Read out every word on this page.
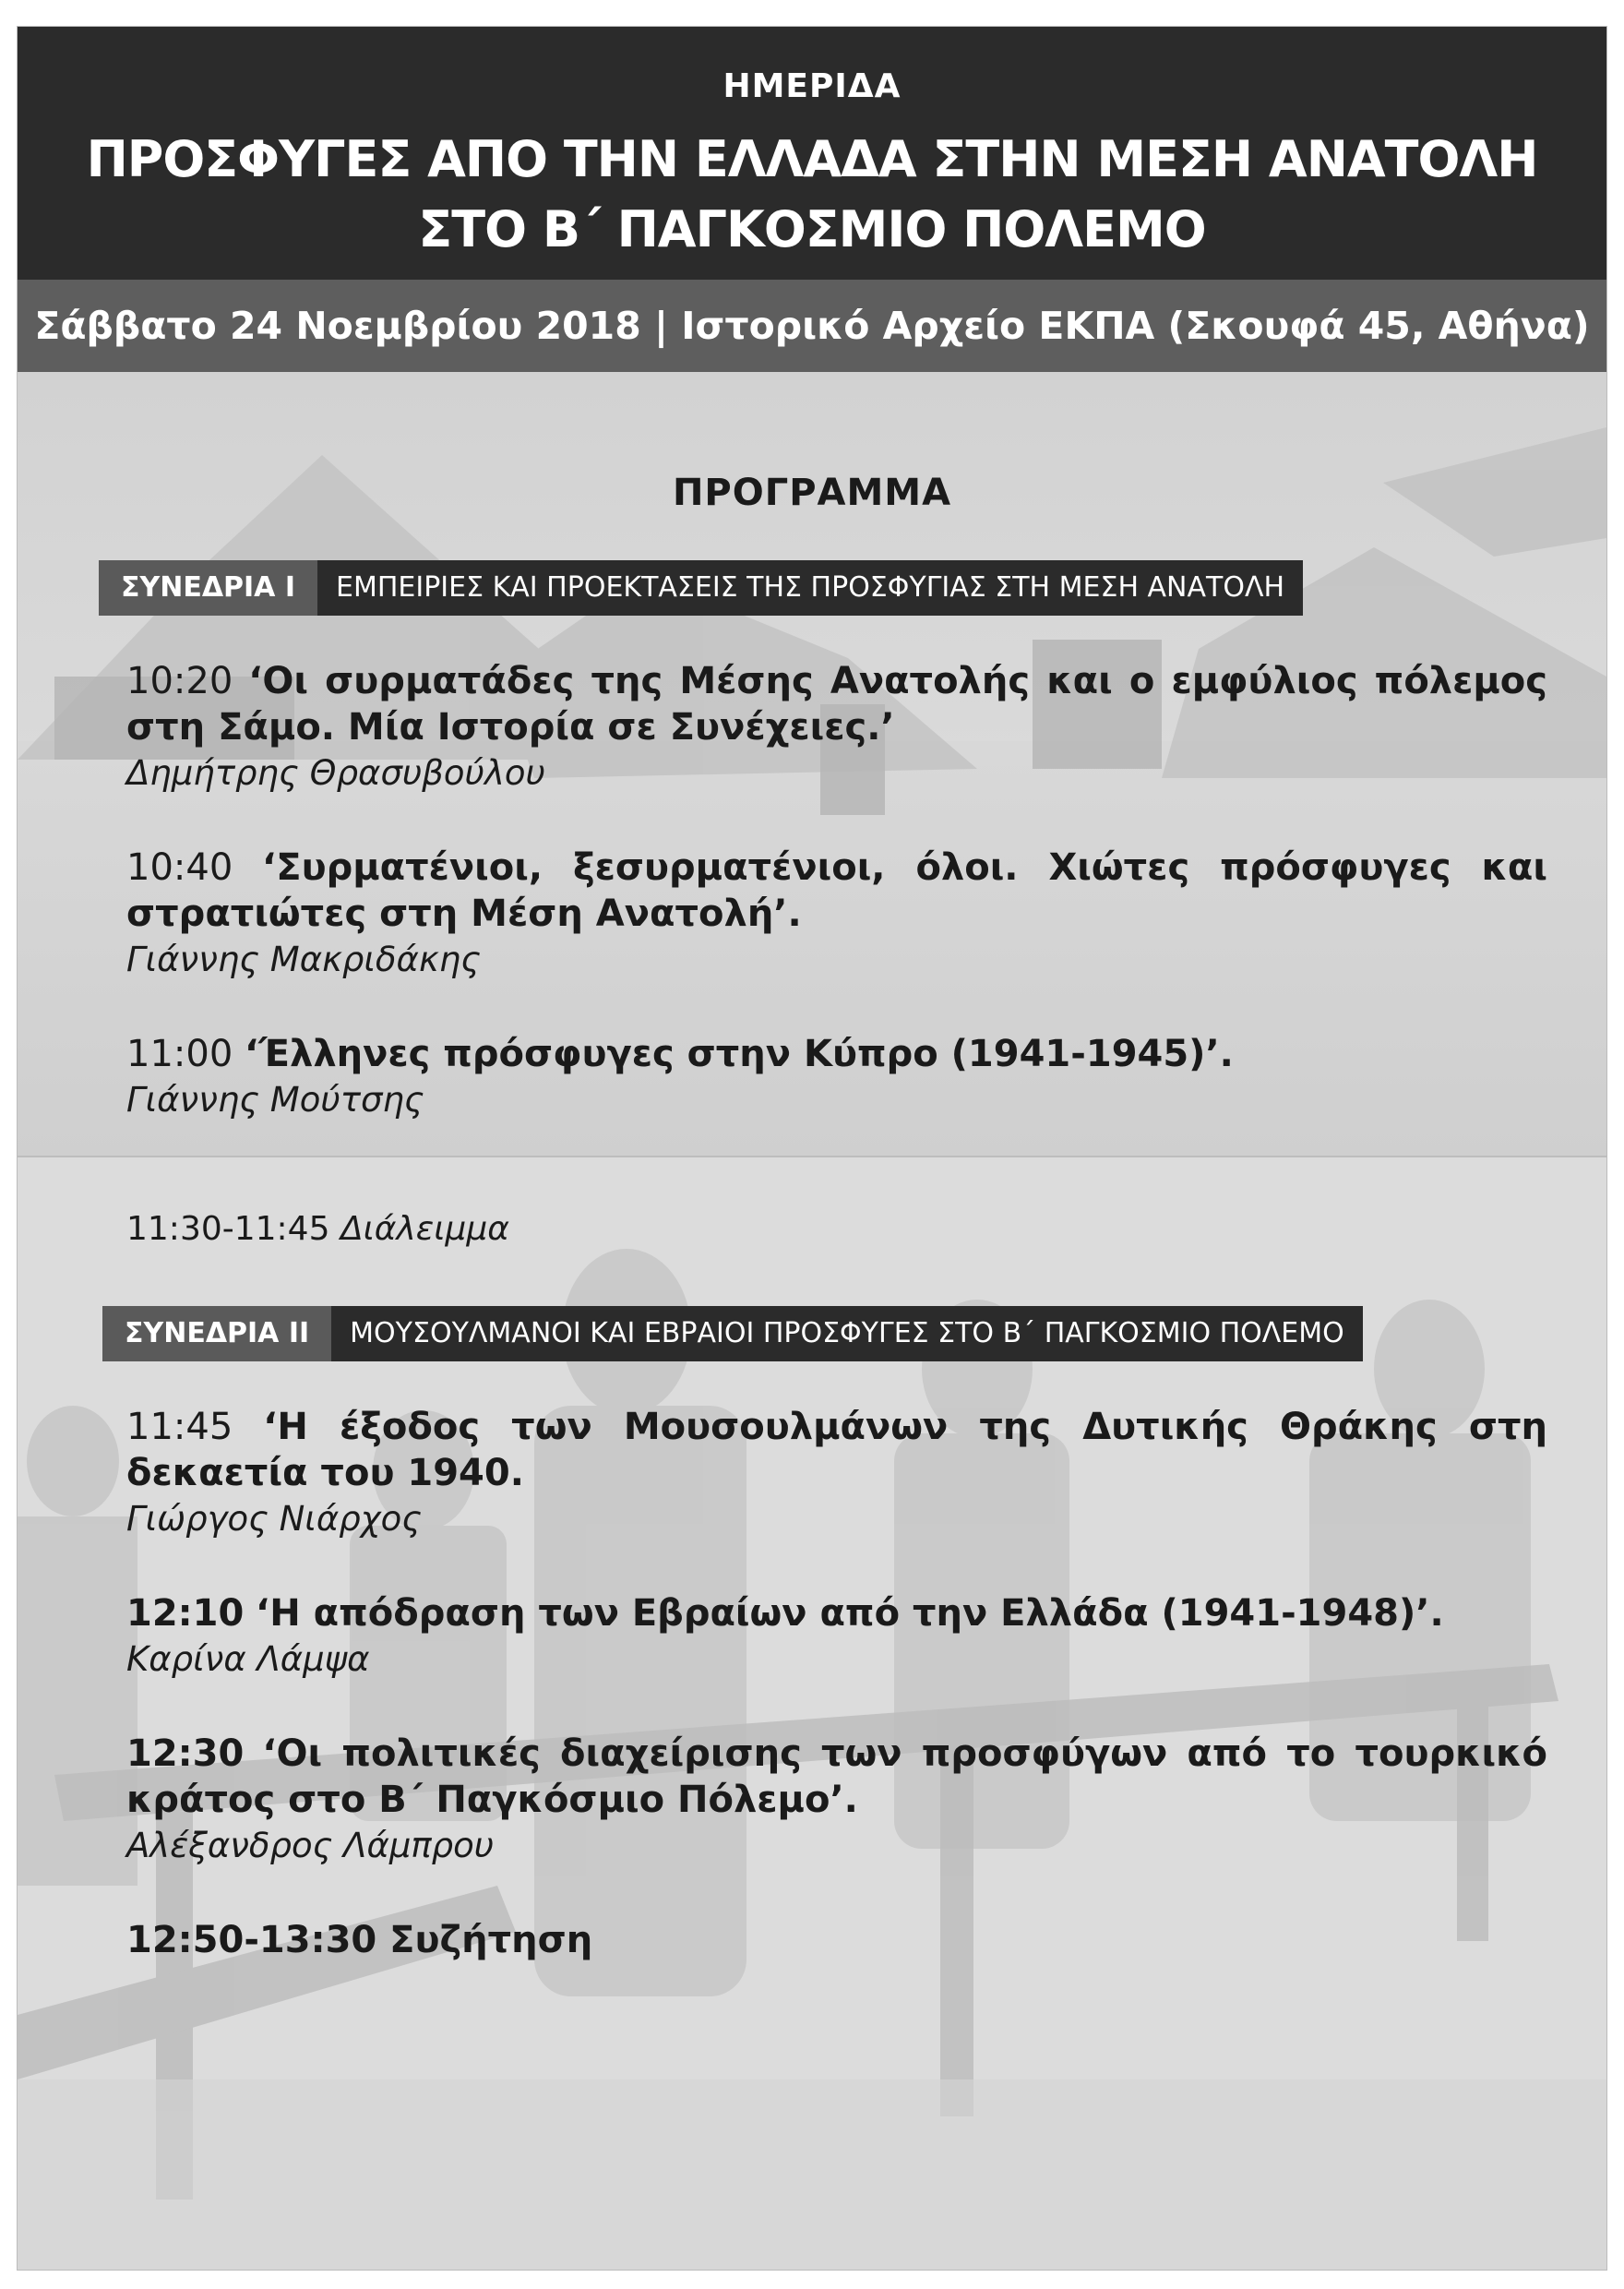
ΗΜΕΡΙΔΑ
ΠΡΟΣΦΥΓΕΣ ΑΠΟ ΤΗΝ ΕΛΛΑΔΑ ΣΤΗΝ ΜΕΣΗ ΑΝΑΤΟΛΗ
ΣΤΟ Β΄ ΠΑΓΚΟΣΜΙΟ ΠΟΛΕΜΟ
Σάββατο 24 Νοεμβρίου 2018 | Ιστορικό Αρχείο ΕΚΠΑ (Σκουφά 45, Αθήνα)
ΠΡΟΓΡΑΜΜΑ
ΣΥΝΕΔΡΙΑ Ι	ΕΜΠΕΙΡΙΕΣ ΚΑΙ ΠΡΟΕΚΤΑΣΕΙΣ ΤΗΣ ΠΡΟΣΦΥΓΙΑΣ ΣΤΗ ΜΕΣΗ ΑΝΑΤΟΛΗ
10:20 ‘Οι συρματάδες της Μέσης Ανατολής και ο εμφύλιος πόλεμος στη Σάμο. Μία Ιστορία σε Συνέχειες.’
Δημήτρης Θρασυβούλου
10:40 ‘Συρματένιοι, ξεσυρματένιοι, όλοι. Χιώτες πρόσφυγες και στρατιώτες στη Μέση Ανατολή’.
Γιάννης Μακριδάκης
11:00 ‘Έλληνες πρόσφυγες στην Κύπρο (1941-1945)’.
Γιάννης Μούτσης
11:30-11:45 Διάλειμμα
ΣΥΝΕΔΡΙΑ ΙΙ	ΜΟΥΣΟΥΛΜΑΝΟΙ ΚΑΙ ΕΒΡΑΙΟΙ ΠΡΟΣΦΥΓΕΣ ΣΤΟ Β΄ ΠΑΓΚΟΣΜΙΟ ΠΟΛΕΜΟ
11:45 ‘Η έξοδος των Μουσουλμάνων της Δυτικής Θράκης στη δεκαετία του 1940.
Γιώργος Νιάρχος
12:10 ‘Η απόδραση των Εβραίων από την Ελλάδα (1941-1948)’.
Καρίνα Λάμψα
12:30 ‘Οι πολιτικές διαχείρισης των προσφύγων από το τουρκικό κράτος στο Β΄ Παγκόσμιο Πόλεμο’.
Αλέξανδρος Λάμπρου
12:50-13:30 Συζήτηση
